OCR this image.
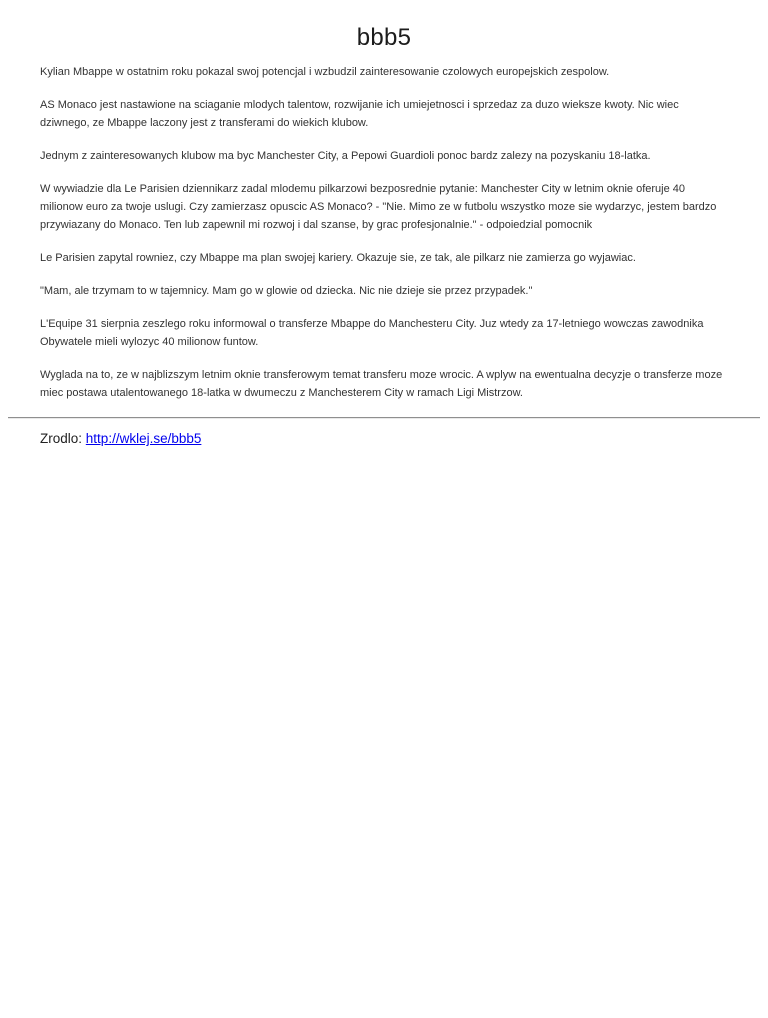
bbb5

Kylian Mbappe w ostatnim roku pokazal swoj potencjal i wzbudzil zainteresowanie czolowych europejskich zespolow.

AS Monaco jest nastawione na sciaganie mlodych talentow, rozwijanie ich umiejetnosci i sprzedaz za duzo wieksze kwoty. Nic wiec dziwnego, ze Mbappe laczony jest z transferami do wiekich klubow.

Jednym z zainteresowanych klubow ma byc Manchester City, a Pepowi Guardioli ponoc bardz zalezy na pozyskaniu 18-latka.

W wywiadzie dla Le Parisien dziennikarz zadal mlodemu pilkarzowi bezposrednie pytanie: Manchester City w letnim oknie oferuje 40 milionow euro za twoje uslugi. Czy zamierzasz opuscic AS Monaco? - "Nie. Mimo ze w futbolu wszystko moze sie wydarzyc, jestem bardzo przywiazany do Monaco. Ten lub zapewnil mi rozwoj i dal szanse, by grac profesjonalnie." - odpoiedzial pomocnik

Le Parisien zapytal rowniez, czy Mbappe ma plan swojej kariery. Okazuje sie, ze tak, ale pilkarz nie zamierza go wyjawiac.

"Mam, ale trzymam to w tajemnicy. Mam go w glowie od dziecka. Nic nie dzieje sie przez przypadek."

L'Equipe 31 sierpnia zeszlego roku informowal o transferze Mbappe do Manchesteru City. Juz wtedy za 17-letniego wowczas zawodnika Obywatele mieli wylozyc 40 milionow funtow.

Wyglada na to, ze w najblizszym letnim oknie transferowym temat transferu moze wrocic. A wplyw na ewentualna decyzje o transferze moze miec postawa utalentowanego 18-latka w dwumeczu z Manchesterem City w ramach Ligi Mistrzow.

Zrodlo: http://wklej.se/bbb5
